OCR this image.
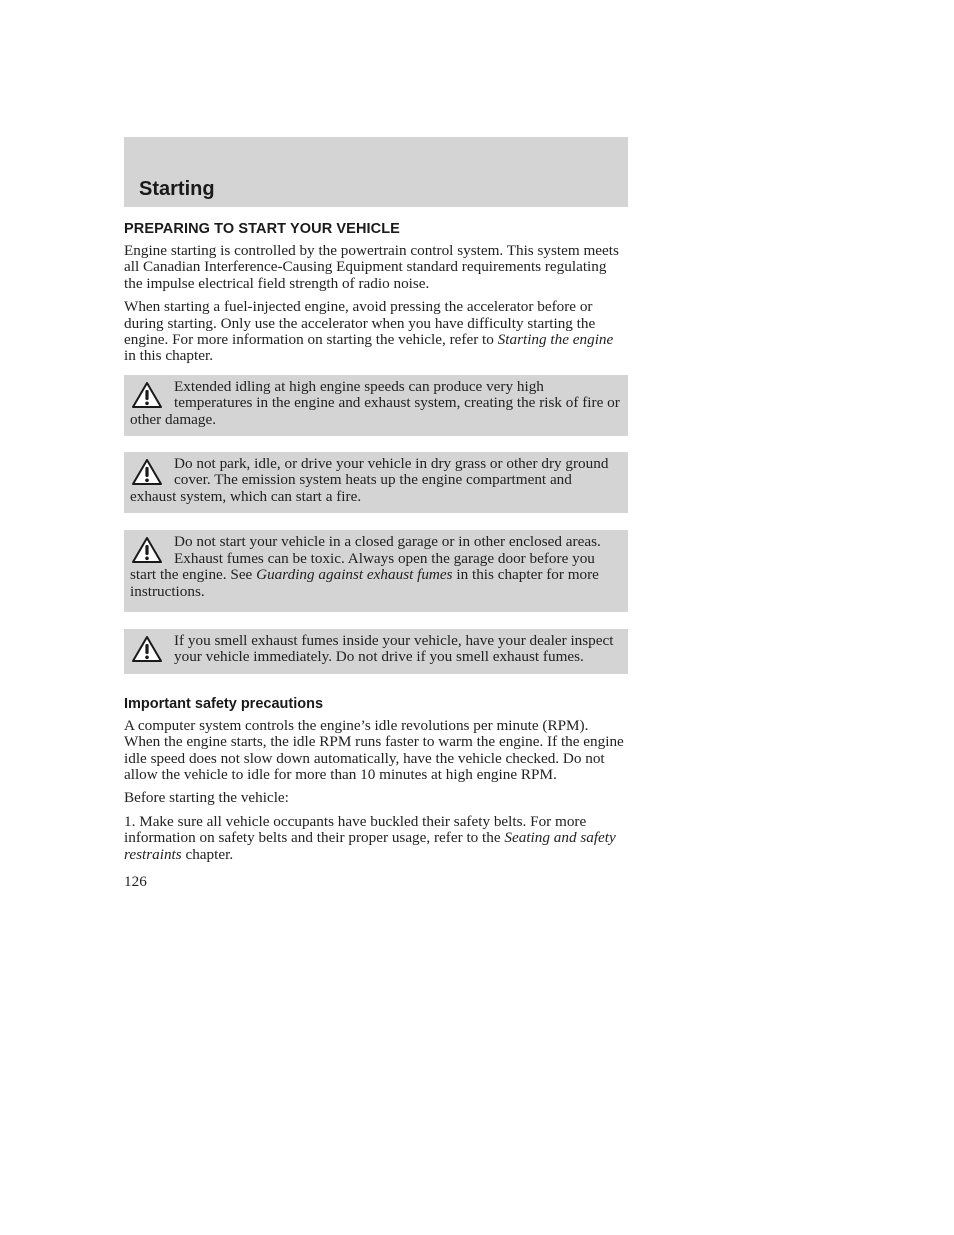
Starting
PREPARING TO START YOUR VEHICLE

Engine starting is controlled by the powertrain control system. This system meets all Canadian Interference-Causing Equipment standard requirements regulating the impulse electrical field strength of radio noise.

When starting a fuel-injected engine, avoid pressing the accelerator before or during starting. Only use the accelerator when you have difficulty starting the engine. For more information on starting the vehicle, refer to Starting the engine in this chapter.

Extended idling at high engine speeds can produce very high temperatures in the engine and exhaust system, creating the risk of fire or other damage.
Do not park, idle, or drive your vehicle in dry grass or other dry ground cover. The emission system heats up the engine compartment and exhaust system, which can start a fire.
Do not start your vehicle in a closed garage or in other enclosed areas. Exhaust fumes can be toxic. Always open the garage door before you start the engine. See Guarding against exhaust fumes in this chapter for more instructions.
If you smell exhaust fumes inside your vehicle, have your dealer inspect your vehicle immediately. Do not drive if you smell exhaust fumes.
Important safety precautions

A computer system controls the engine’s idle revolutions per minute (RPM). When the engine starts, the idle RPM runs faster to warm the engine. If the engine idle speed does not slow down automatically, have the vehicle checked. Do not allow the vehicle to idle for more than 10 minutes at high engine RPM.

Before starting the vehicle:

1. Make sure all vehicle occupants have buckled their safety belts. For more information on safety belts and their proper usage, refer to the Seating and safety restraints chapter.

126
